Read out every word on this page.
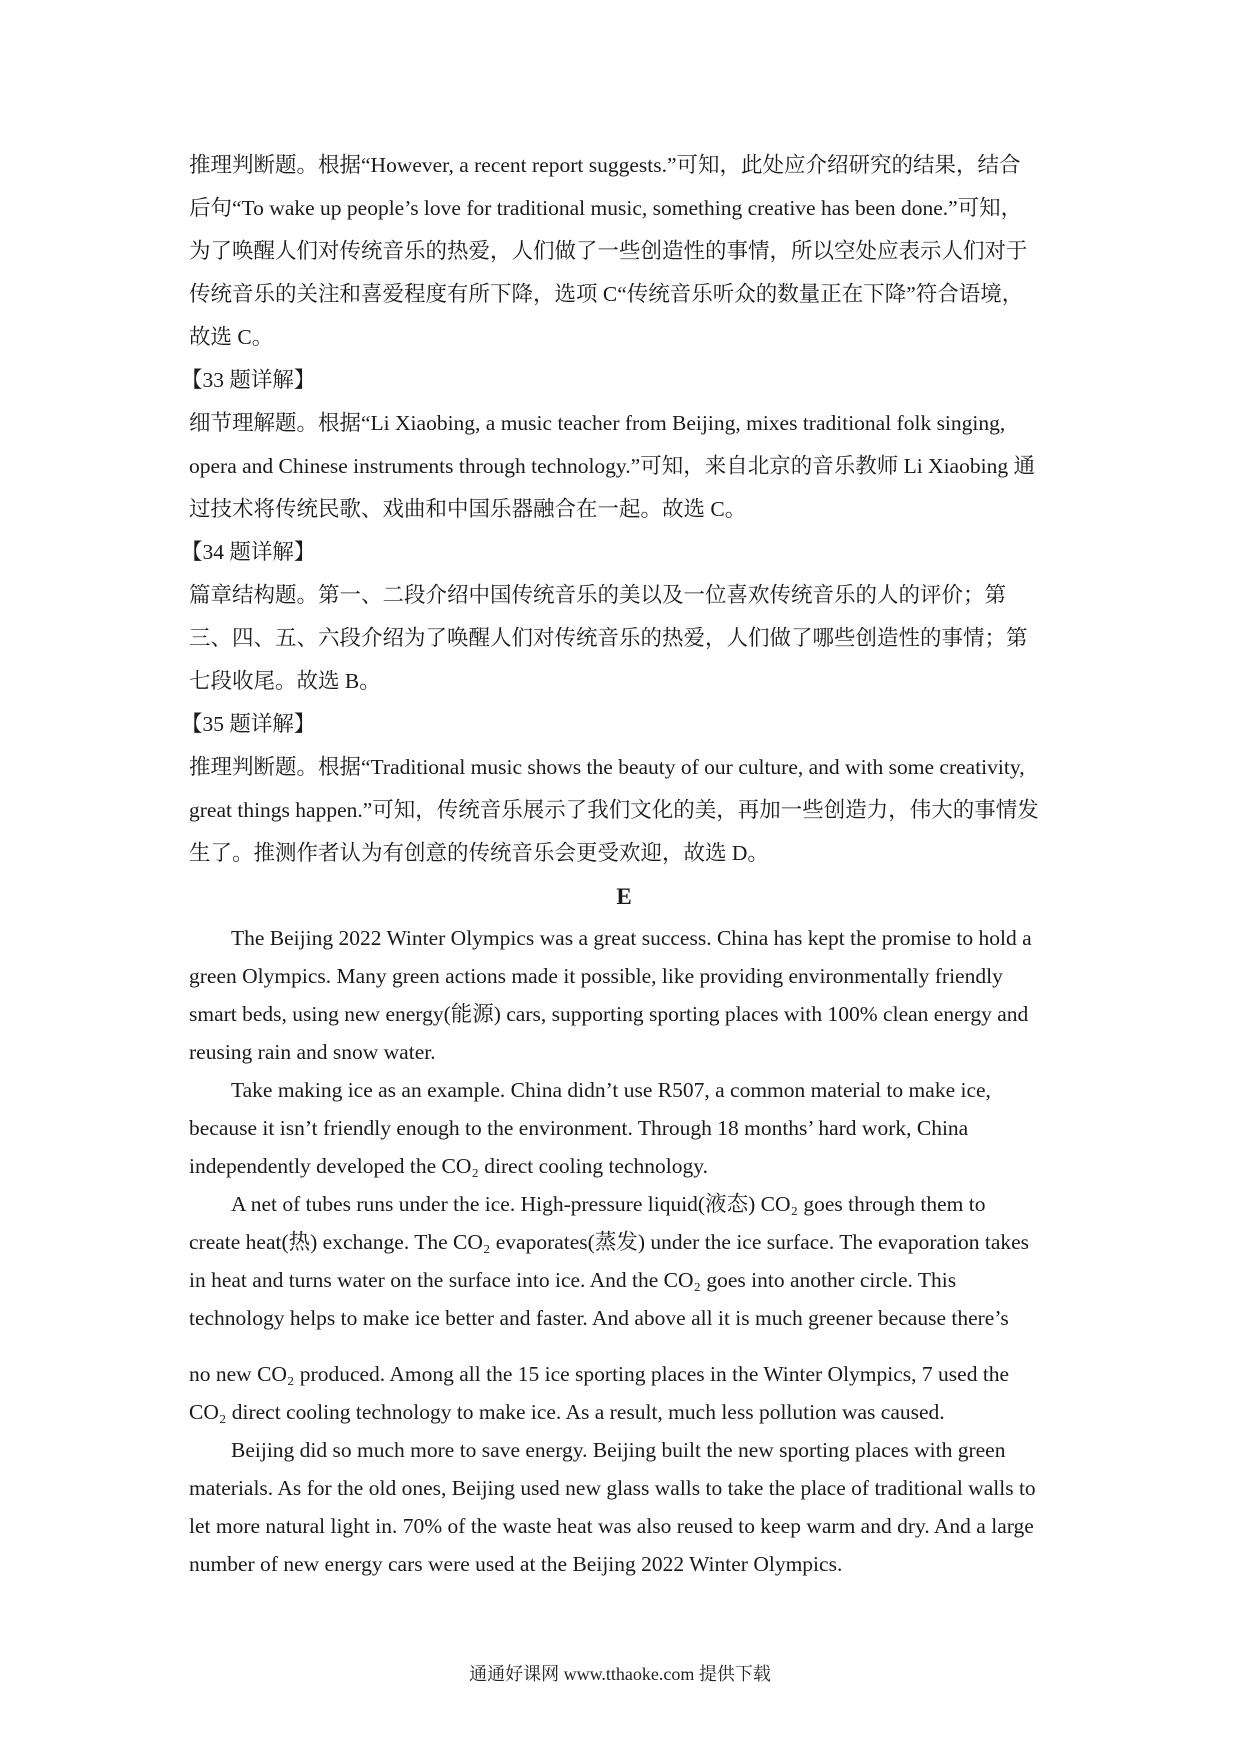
推理判断题。根据“However, a recent report suggests.”可知，此处应介绍研究的结果，结合
后句“To wake up people’s love for traditional music, something creative has been done.”可知，
为了唤醒人们对传统音乐的热爱，人们做了一些创造性的事情，所以空处应表示人们对于
传统音乐的关注和喜爱程度有所下降，选项 C“传统音乐听众的数量正在下降”符合语境，
故选 C。
【33 题详解】
细节理解题。根据“Li Xiaobing, a music teacher from Beijing, mixes traditional folk singing,
opera and Chinese instruments through technology.”可知，来自北京的音乐教师 Li Xiaobing 通
过技术将传统民歌、戏曲和中国乐器融合在一起。故选 C。
【34 题详解】
篇章结构题。第一、二段介绍中国传统音乐的美以及一位喜欢传统音乐的人的评价；第
三、四、五、六段介绍为了唤醒人们对传统音乐的热爱，人们做了哪些创造性的事情；第
七段收尾。故选 B。
【35 题详解】
推理判断题。根据“Traditional music shows the beauty of our culture, and with some creativity,
great things happen.”可知，传统音乐展示了我们文化的美，再加一些创造力，伟大的事情发
生了。推测作者认为有创意的传统音乐会更受欢迎，故选 D。
E
The Beijing 2022 Winter Olympics was a great success. China has kept the promise to hold a
green Olympics. Many green actions made it possible, like providing environmentally friendly
smart beds, using new energy(能源) cars, supporting sporting places with 100% clean energy and
reusing rain and snow water.
Take making ice as an example. China didn’t use R507, a common material to make ice,
because it isn’t friendly enough to the environment. Through 18 months’ hard work, China
independently developed the CO₂ direct cooling technology.
A net of tubes runs under the ice. High-pressure liquid(液态) CO₂ goes through them to
create heat(热) exchange. The CO₂ evaporates(蒸发) under the ice surface. The evaporation takes
in heat and turns water on the surface into ice. And the CO₂ goes into another circle. This
technology helps to make ice better and faster. And above all it is much greener because there’s
no new CO₂ produced. Among all the 15 ice sporting places in the Winter Olympics, 7 used the
CO₂ direct cooling technology to make ice. As a result, much less pollution was caused.
Beijing did so much more to save energy. Beijing built the new sporting places with green
materials. As for the old ones, Beijing used new glass walls to take the place of traditional walls to
let more natural light in. 70% of the waste heat was also reused to keep warm and dry. And a large
number of new energy cars were used at the Beijing 2022 Winter Olympics.
通通好课网 www.tthaoke.com 提供下载
